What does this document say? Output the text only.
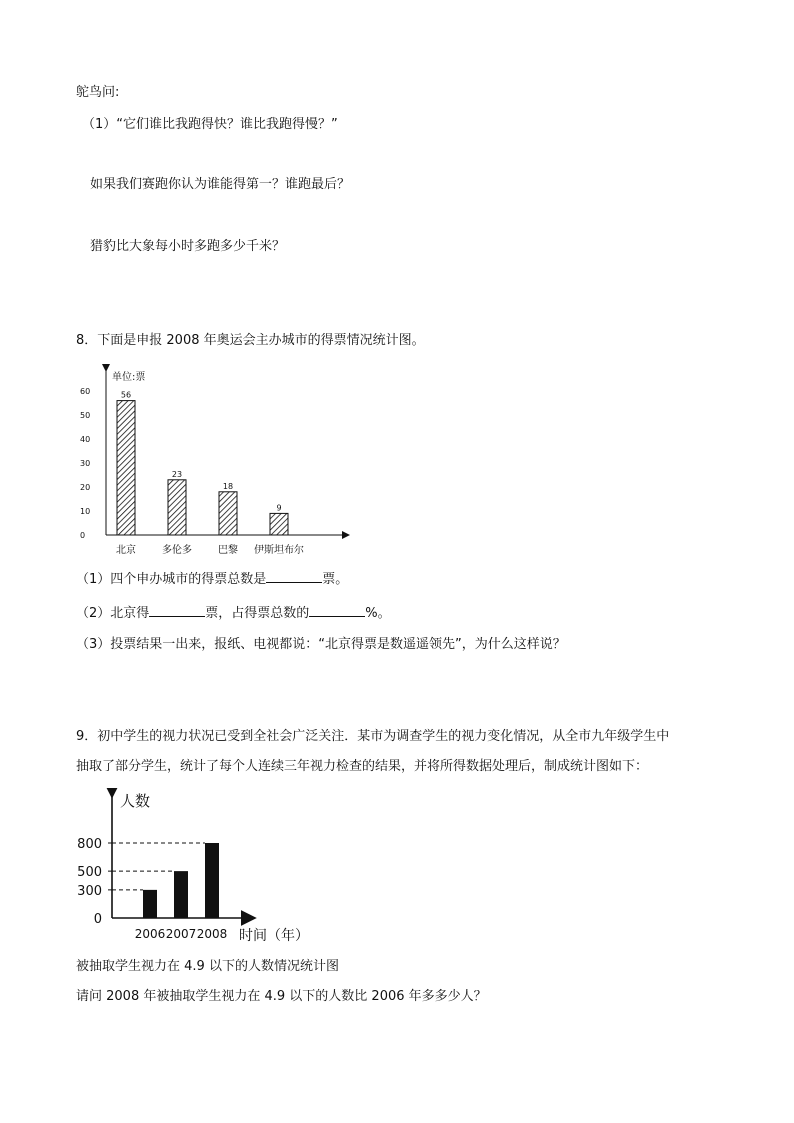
鸵鸟问:
（1）“它们谁比我跑得快？谁比我跑得慢？”
如果我们赛跑你认为谁能得第一？谁跑最后？
猎豹比大象每小时多跑多少千米？
8．下面是申报 2008 年奥运会主办城市的得票情况统计图。
单位:票
0
10
20
30
40
50
60	56
23
18
9
北京	多伦多	巴黎 伊斯坦布尔
（1）四个申办城市的得票总数是	票。
（2）北京得	票，占得票总数的	%。
（3）投票结果一出来，报纸、电视都说：“北京得票是数遥遥领先”，为什么这样说？
9．初中学生的视力状况已受到全社会广泛关注．某市为调查学生的视力变化情况，从全市九年级学生中
抽取了部分学生，统计了每个人连续三年视力检查的结果，并将所得数据处理后，制成统计图如下：
人数
时间（年）
0
300
500
800
2006 2007 2008
被抽取学生视力在 4.9 以下的人数情况统计图
请问 2008 年被抽取学生视力在 4.9 以下的人数比 2006 年多多少人？
